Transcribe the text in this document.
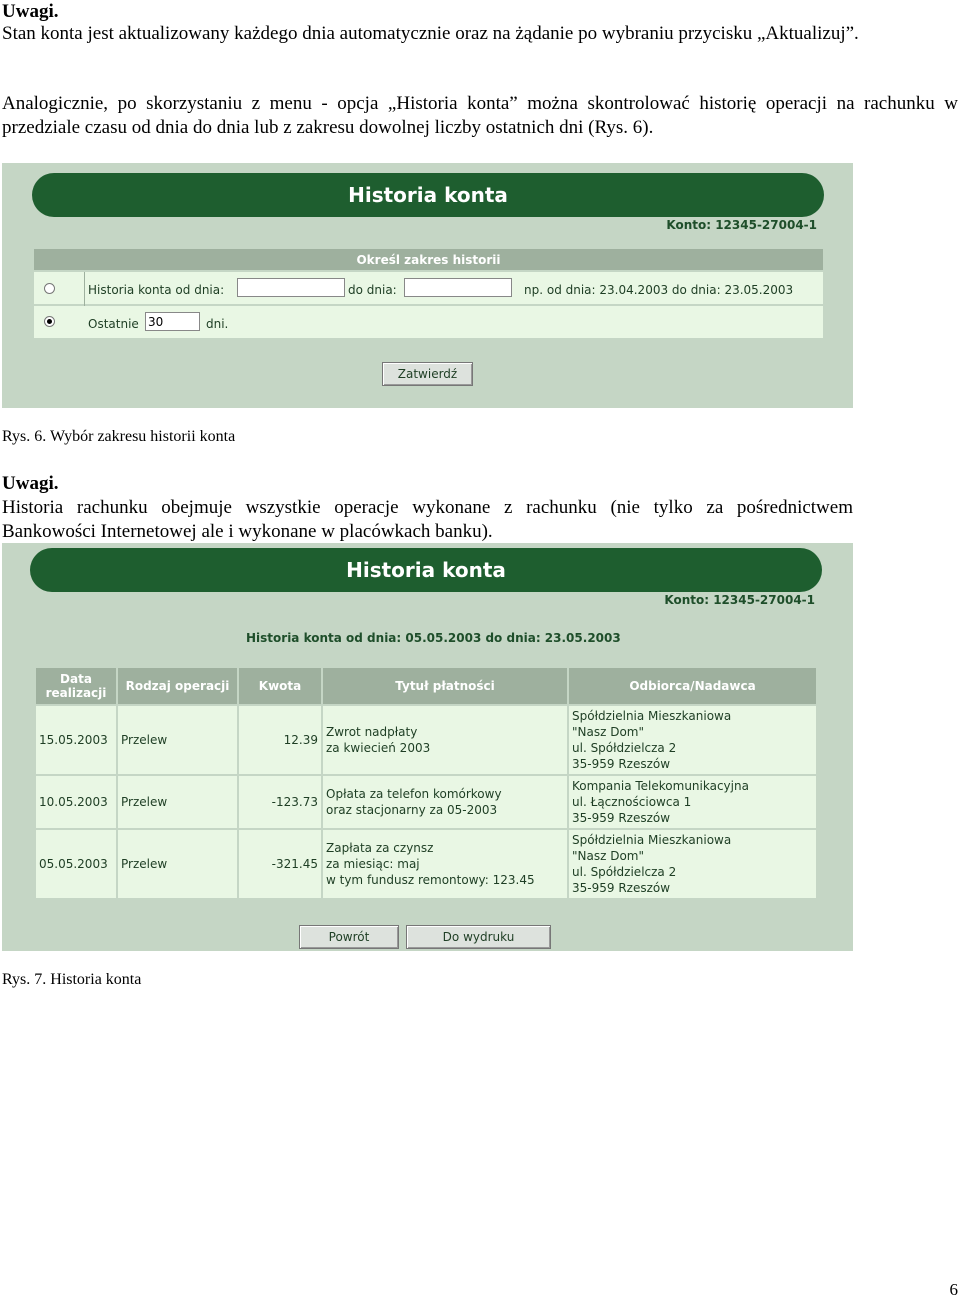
Uwagi.
Stan konta jest aktualizowany każdego dnia automatycznie oraz na żądanie po wybraniu przycisku „Aktualizuj”.
Analogicznie, po skorzystaniu z menu - opcja „Historia konta” można skontrolować historię operacji na rachunku w przedziale czasu od dnia do dnia lub z zakresu dowolnej liczby ostatnich dni (Rys. 6).
Historia konta
Konto: 12345-27004-1
Określ zakres historii
Historia konta od dnia:	do dnia:	np. od dnia: 23.04.2003 do dnia: 23.05.2003
Ostatnie
30	dni.
Zatwierdź
Rys. 6. Wybór zakresu historii konta
Uwagi.
Historia rachunku obejmuje wszystkie operacje wykonane z rachunku (nie tylko za pośrednictwem Bankowości Internetowej ale i wykonane w placówkach banku).
Historia konta
Konto: 12345-27004-1
Historia konta od dnia: 05.05.2003 do dnia: 23.05.2003
Data realizacji	Rodzaj operacji	Kwota	Tytuł płatności	Odbiorca/Nadawca
15.05.2003	Przelew	12.39	Zwrot nadpłaty
za kwiecień 2003	Spółdzielnia Mieszkaniowa
"Nasz Dom"
ul. Spółdzielcza 2
35-959 Rzeszów

10.05.2003	Przelew	-123.73	Opłata za telefon komórkowy
oraz stacjonarny za 05-2003	Kompania Telekomunikacyjna
ul. Łącznościowca 1
35-959 Rzeszów

05.05.2003	Przelew	-321.45	Zapłata za czynsz
za miesiąc: maj
w tym fundusz remontowy: 123.45	Spółdzielnia Mieszkaniowa
"Nasz Dom"
ul. Spółdzielcza 2
35-959 Rzeszów
Powrót	Do wydruku
Rys. 7. Historia konta
6
